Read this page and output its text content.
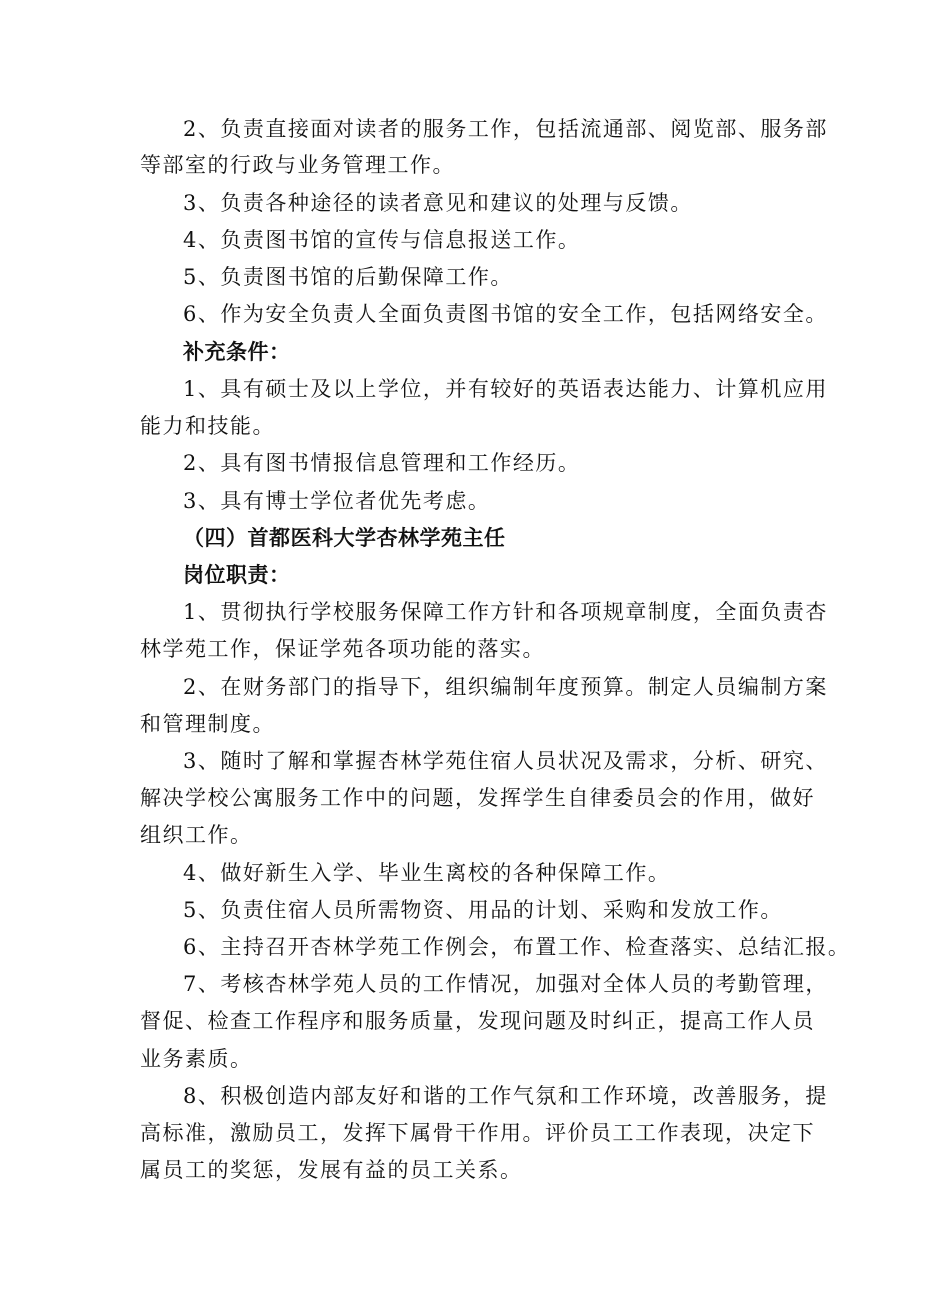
2、负责直接面对读者的服务工作，包括流通部、阅览部、服务部
等部室的行政与业务管理工作。
3、负责各种途径的读者意见和建议的处理与反馈。
4、负责图书馆的宣传与信息报送工作。
5、负责图书馆的后勤保障工作。
6、作为安全负责人全面负责图书馆的安全工作，包括网络安全。
补充条件：
1、具有硕士及以上学位，并有较好的英语表达能力、计算机应用
能力和技能。
2、具有图书情报信息管理和工作经历。
3、具有博士学位者优先考虑。
（四）首都医科大学杏林学苑主任
岗位职责：
1、贯彻执行学校服务保障工作方针和各项规章制度，全面负责杏
林学苑工作，保证学苑各项功能的落实。
2、在财务部门的指导下，组织编制年度预算。制定人员编制方案
和管理制度。
3、随时了解和掌握杏林学苑住宿人员状况及需求，分析、研究、
解决学校公寓服务工作中的问题，发挥学生自律委员会的作用，做好
组织工作。
4、做好新生入学、毕业生离校的各种保障工作。
5、负责住宿人员所需物资、用品的计划、采购和发放工作。
6、主持召开杏林学苑工作例会，布置工作、检查落实、总结汇报。
7、考核杏林学苑人员的工作情况，加强对全体人员的考勤管理，
督促、检查工作程序和服务质量，发现问题及时纠正，提高工作人员
业务素质。
8、积极创造内部友好和谐的工作气氛和工作环境，改善服务，提
高标准，激励员工，发挥下属骨干作用。评价员工工作表现，决定下
属员工的奖惩，发展有益的员工关系。
